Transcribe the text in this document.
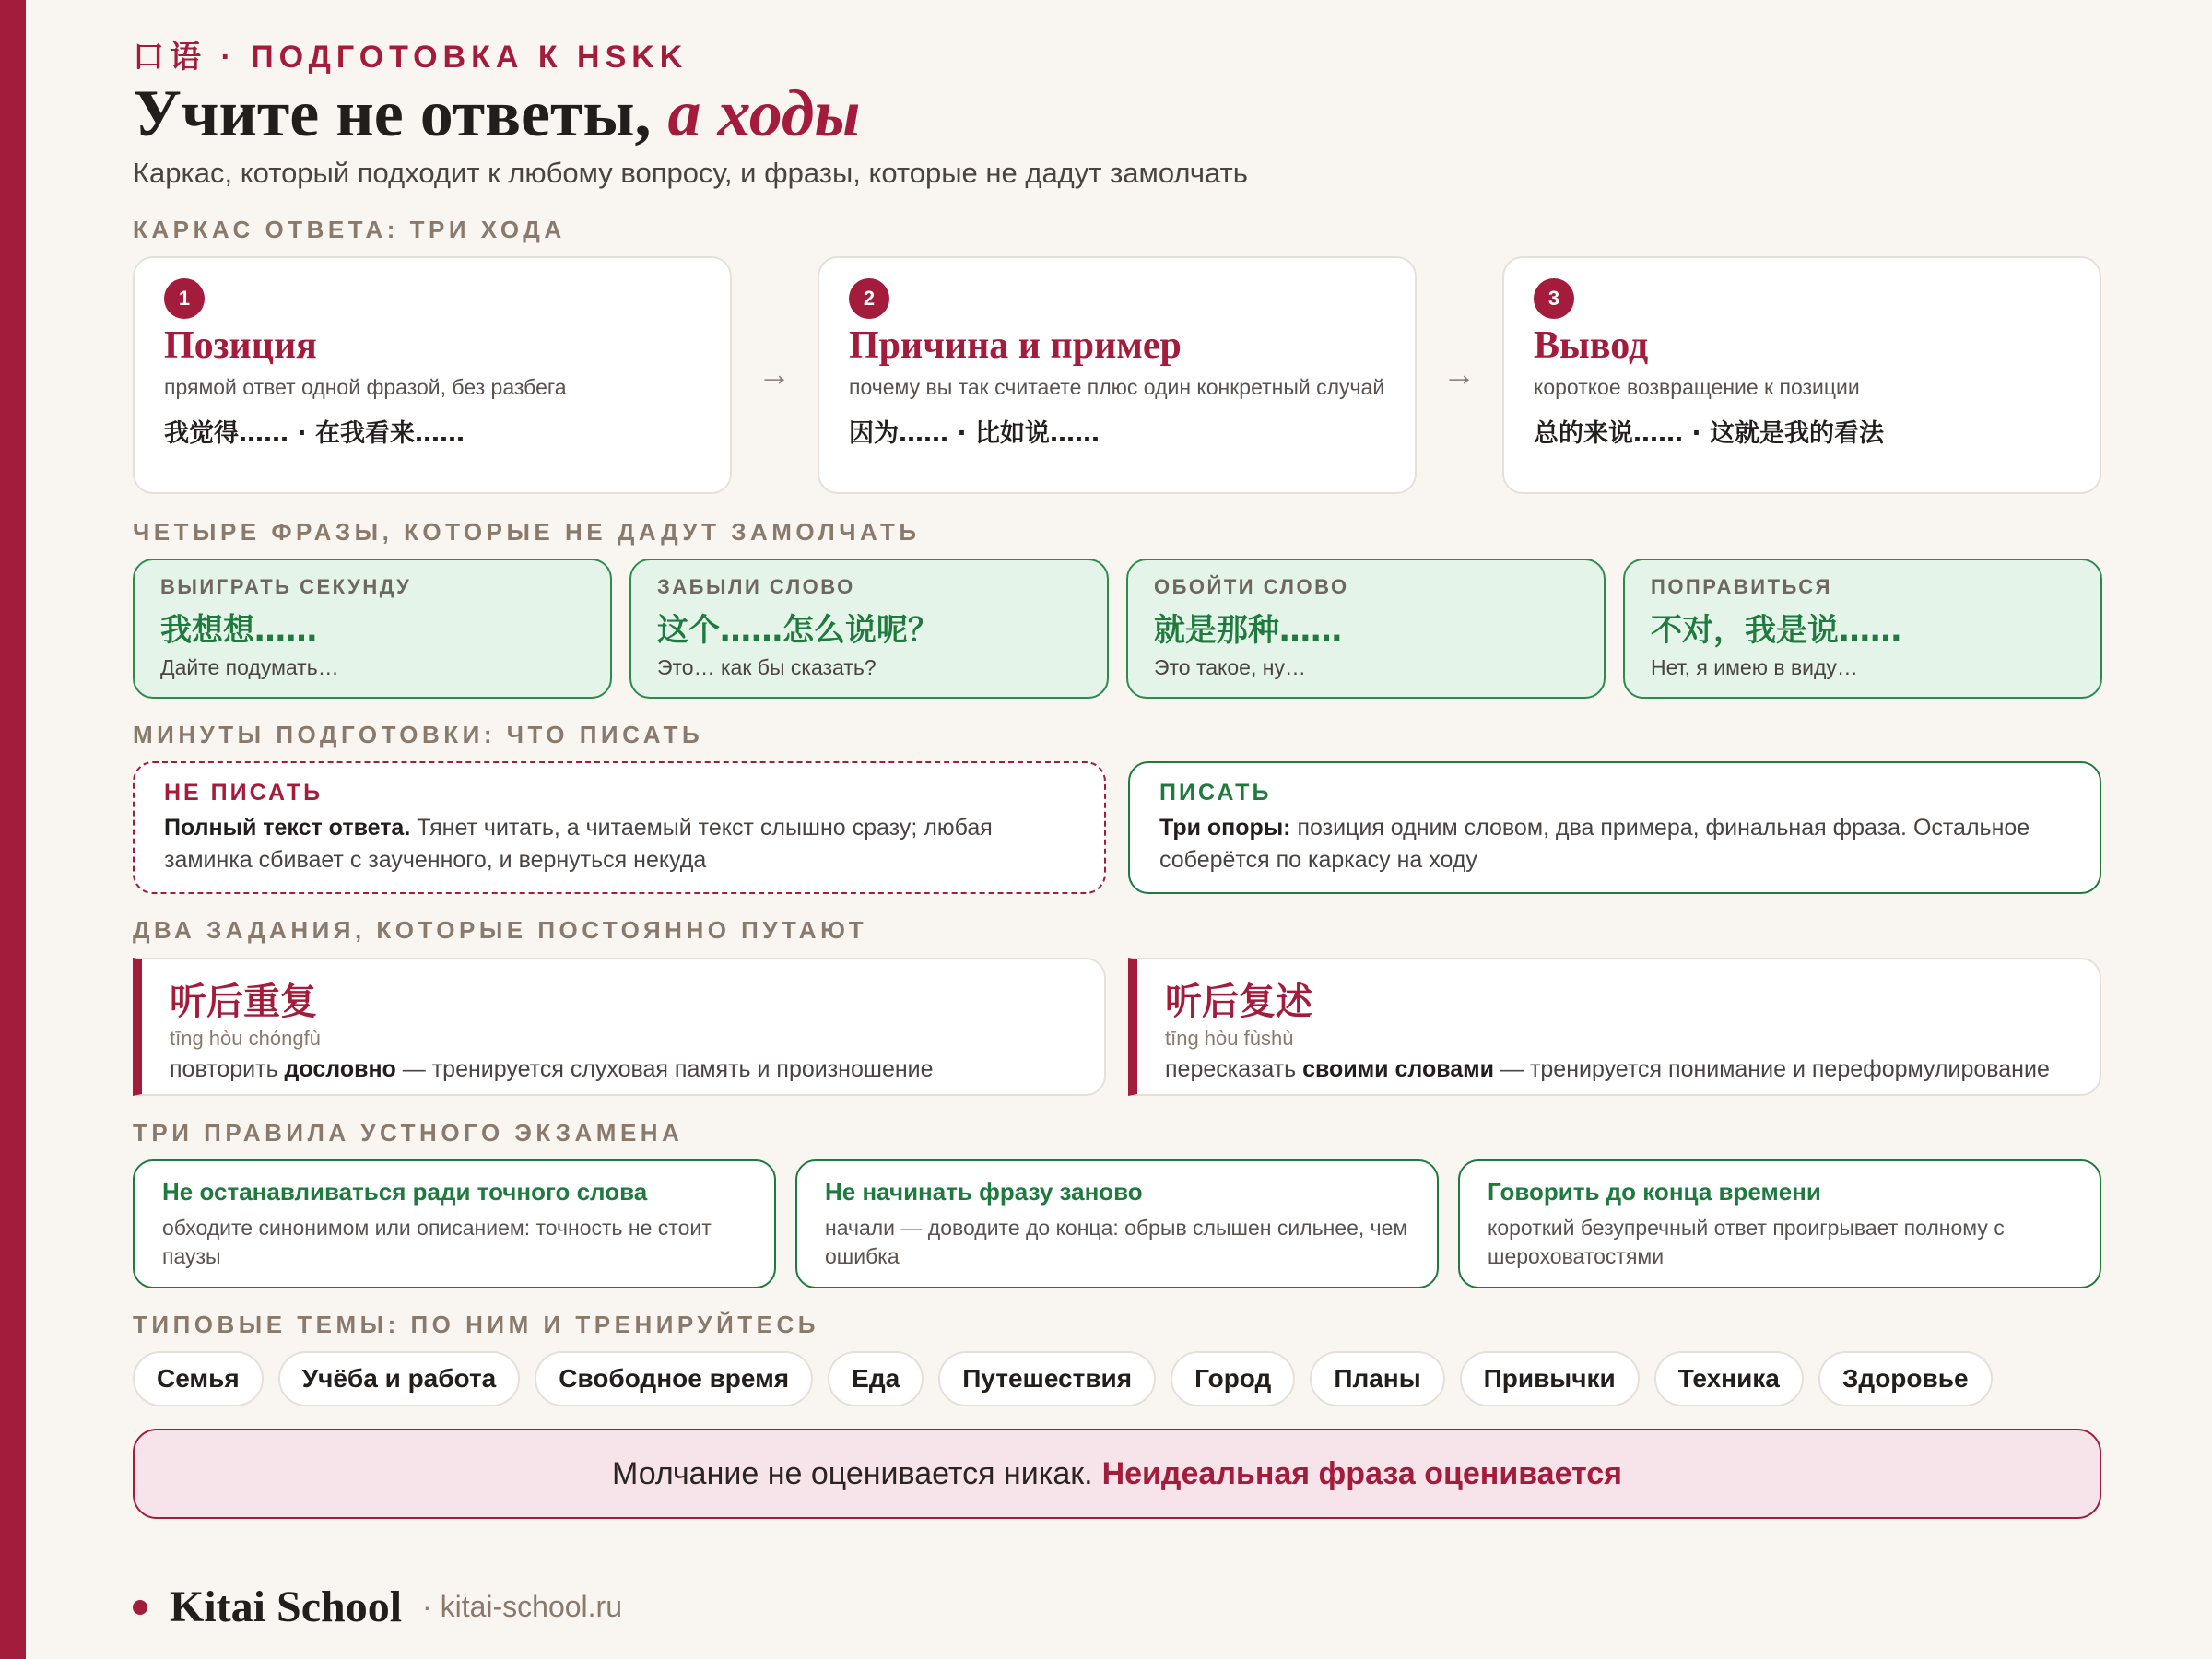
口语 · ПОДГОТОВКА К HSKK
Учите не ответы, а ходы
Каркас, который подходит к любому вопросу, и фразы, которые не дадут замолчать
КАРКАС ОТВЕТА: ТРИ ХОДА
1
Позиция
прямой ответ одной фразой, без разбега
我觉得…… · 在我看来……
→
2
Причина и пример
почему вы так считаете плюс один конкретный случай
因为…… · 比如说……
→
3
Вывод
короткое возвращение к позиции
总的来说…… · 这就是我的看法
ЧЕТЫРЕ ФРАЗЫ, КОТОРЫЕ НЕ ДАДУТ ЗАМОЛЧАТЬ
ВЫИГРАТЬ СЕКУНДУ
我想想……
Дайте подумать…
ЗАБЫЛИ СЛОВО
这个……怎么说呢？
Это… как бы сказать?
ОБОЙТИ СЛОВО
就是那种……
Это такое, ну…
ПОПРАВИТЬСЯ
不对，我是说……
Нет, я имею в виду…
МИНУТЫ ПОДГОТОВКИ: ЧТО ПИСАТЬ
НЕ ПИСАТЬ
Полный текст ответа. Тянет читать, а читаемый текст слышно сразу; любая заминка сбивает с заученного, и вернуться некуда
ПИСАТЬ
Три опоры: позиция одним словом, два примера, финальная фраза. Остальное соберётся по каркасу на ходу
ДВА ЗАДАНИЯ, КОТОРЫЕ ПОСТОЯННО ПУТАЮТ
听后重复
tīng hòu chóngfù
повторить дословно — тренируется слуховая память и произношение
听后复述
tīng hòu fùshù
пересказать своими словами — тренируется понимание и переформулирование
ТРИ ПРАВИЛА УСТНОГО ЭКЗАМЕНА
Не останавливаться ради точного слова
обходите синонимом или описанием: точность не стоит паузы
Не начинать фразу заново
начали — доводите до конца: обрыв слышен сильнее, чем ошибка
Говорить до конца времени
короткий безупречный ответ проигрывает полному с шероховатостями
ТИПОВЫЕ ТЕМЫ: ПО НИМ И ТРЕНИРУЙТЕСЬ
Семья	Учёба и работа	Свободное время	Еда	Путешествия	Город	Планы	Привычки	Техника	Здоровье
Молчание не оценивается никак. Неидеальная фраза оценивается
Kitai School · kitai-school.ru
